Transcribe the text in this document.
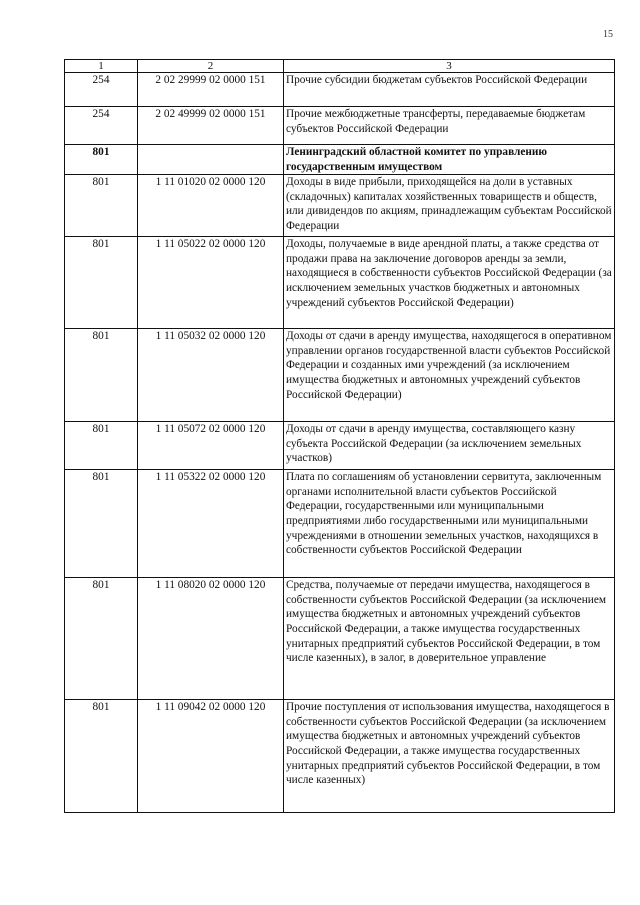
15
1	2	3
254	2 02 29999 02 0000 151	Прочие субсидии бюджетам субъектов Российской Федерации
254	2 02 49999 02 0000 151	Прочие межбюджетные трансферты, передаваемые бюджетам субъектов Российской Федерации
801		Ленинградский областной комитет по управлению государственным имуществом
801	1 11 01020 02 0000 120	Доходы в виде прибыли, приходящейся на доли в уставных (складочных) капиталах хозяйственных товариществ и обществ, или дивидендов по акциям, принадлежащим субъектам Российской Федерации
801	1 11 05022 02 0000 120	Доходы, получаемые в виде арендной платы, а также средства от продажи права на заключение договоров аренды за земли, находящиеся в собственности субъектов Российской Федерации (за исключением земельных участков бюджетных и автономных учреждений субъектов Российской Федерации)
801	1 11 05032 02 0000 120	Доходы от сдачи в аренду имущества, находящегося в оперативном управлении органов государственной власти субъектов Российской Федерации и созданных ими учреждений (за исключением имущества бюджетных и автономных учреждений субъектов Российской Федерации)
801	1 11 05072 02 0000 120	Доходы от сдачи в аренду имущества, составляющего казну субъекта Российской Федерации (за исключением земельных участков)
801	1 11 05322 02 0000 120	Плата по соглашениям об установлении сервитута, заключенным органами исполнительной власти субъектов Российской Федерации, государственными или муниципальными предприятиями либо государственными или муниципальными учреждениями в отношении земельных участков, находящихся в собственности субъектов Российской Федерации
801	1 11 08020 02 0000 120	Средства, получаемые от передачи имущества, находящегося в собственности субъектов Российской Федерации (за исключением имущества бюджетных и автономных учреждений субъектов Российской Федерации, а также имущества государственных унитарных предприятий субъектов Российской Федерации, в том числе казенных), в залог, в доверительное управление
801	1 11 09042 02 0000 120	Прочие поступления от использования имущества, находящегося в собственности субъектов Российской Федерации (за исключением имущества бюджетных и автономных учреждений субъектов Российской Федерации, а также имущества государственных унитарных предприятий субъектов Российской Федерации, в том числе казенных)
